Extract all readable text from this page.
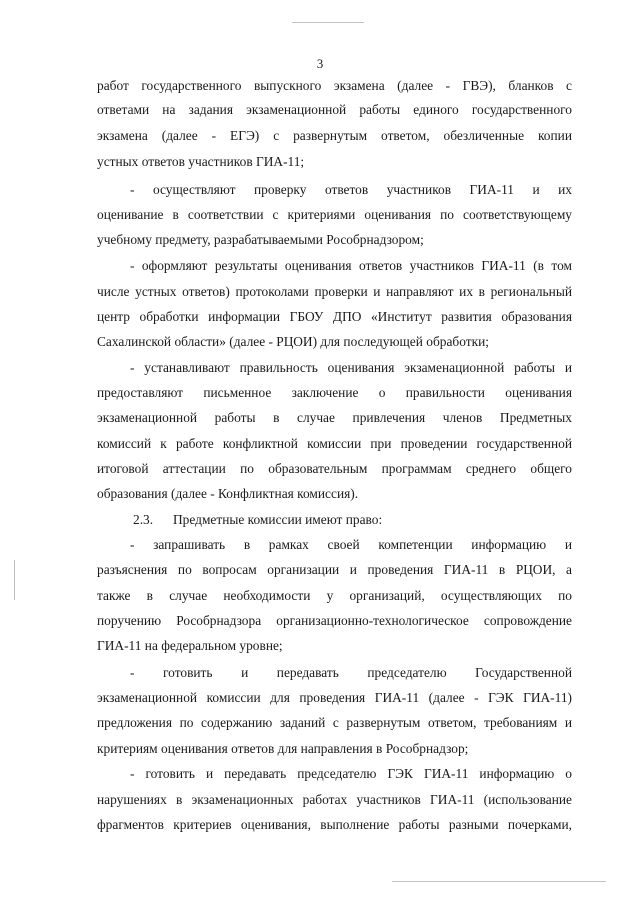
3
работ государственного выпускного экзамена (далее - ГВЭ), бланков с
ответами на задания экзаменационной работы единого государственного
экзамена (далее - ЕГЭ) с развернутым ответом, обезличенные копии
устных ответов участников ГИА-11;
- осуществляют проверку ответов участников ГИА-11 и их
оценивание в соответствии с критериями оценивания по соответствующему
учебному предмету, разрабатываемыми Рособрнадзором;
- оформляют результаты оценивания ответов участников ГИА-11 (в том
числе устных ответов) протоколами проверки и направляют их в региональный
центр обработки информации ГБОУ ДПО «Институт развития образования
Сахалинской области» (далее - РЦОИ) для последующей обработки;
- устанавливают правильность оценивания экзаменационной работы и
предоставляют письменное заключение о правильности оценивания
экзаменационной работы в случае привлечения членов Предметных
комиссий к работе конфликтной комиссии при проведении государственной
итоговой аттестации по образовательным программам среднего общего
образования (далее - Конфликтная комиссия).
2.3. Предметные комиссии имеют право:
- запрашивать в рамках своей компетенции информацию и
разъяснения по вопросам организации и проведения ГИА-11 в РЦОИ, а
также в случае необходимости у организаций, осуществляющих по
поручению Рособрнадзора организационно-технологическое сопровождение
ГИА-11 на федеральном уровне;
- готовить и передавать председателю Государственной
экзаменационной комиссии для проведения ГИА-11 (далее - ГЭК ГИА-11)
предложения по содержанию заданий с развернутым ответом, требованиям и
критериям оценивания ответов для направления в Рособрнадзор;
- готовить и передавать председателю ГЭК ГИА-11 информацию о
нарушениях в экзаменационных работах участников ГИА-11 (использование
фрагментов критериев оценивания, выполнение работы разными почерками,
